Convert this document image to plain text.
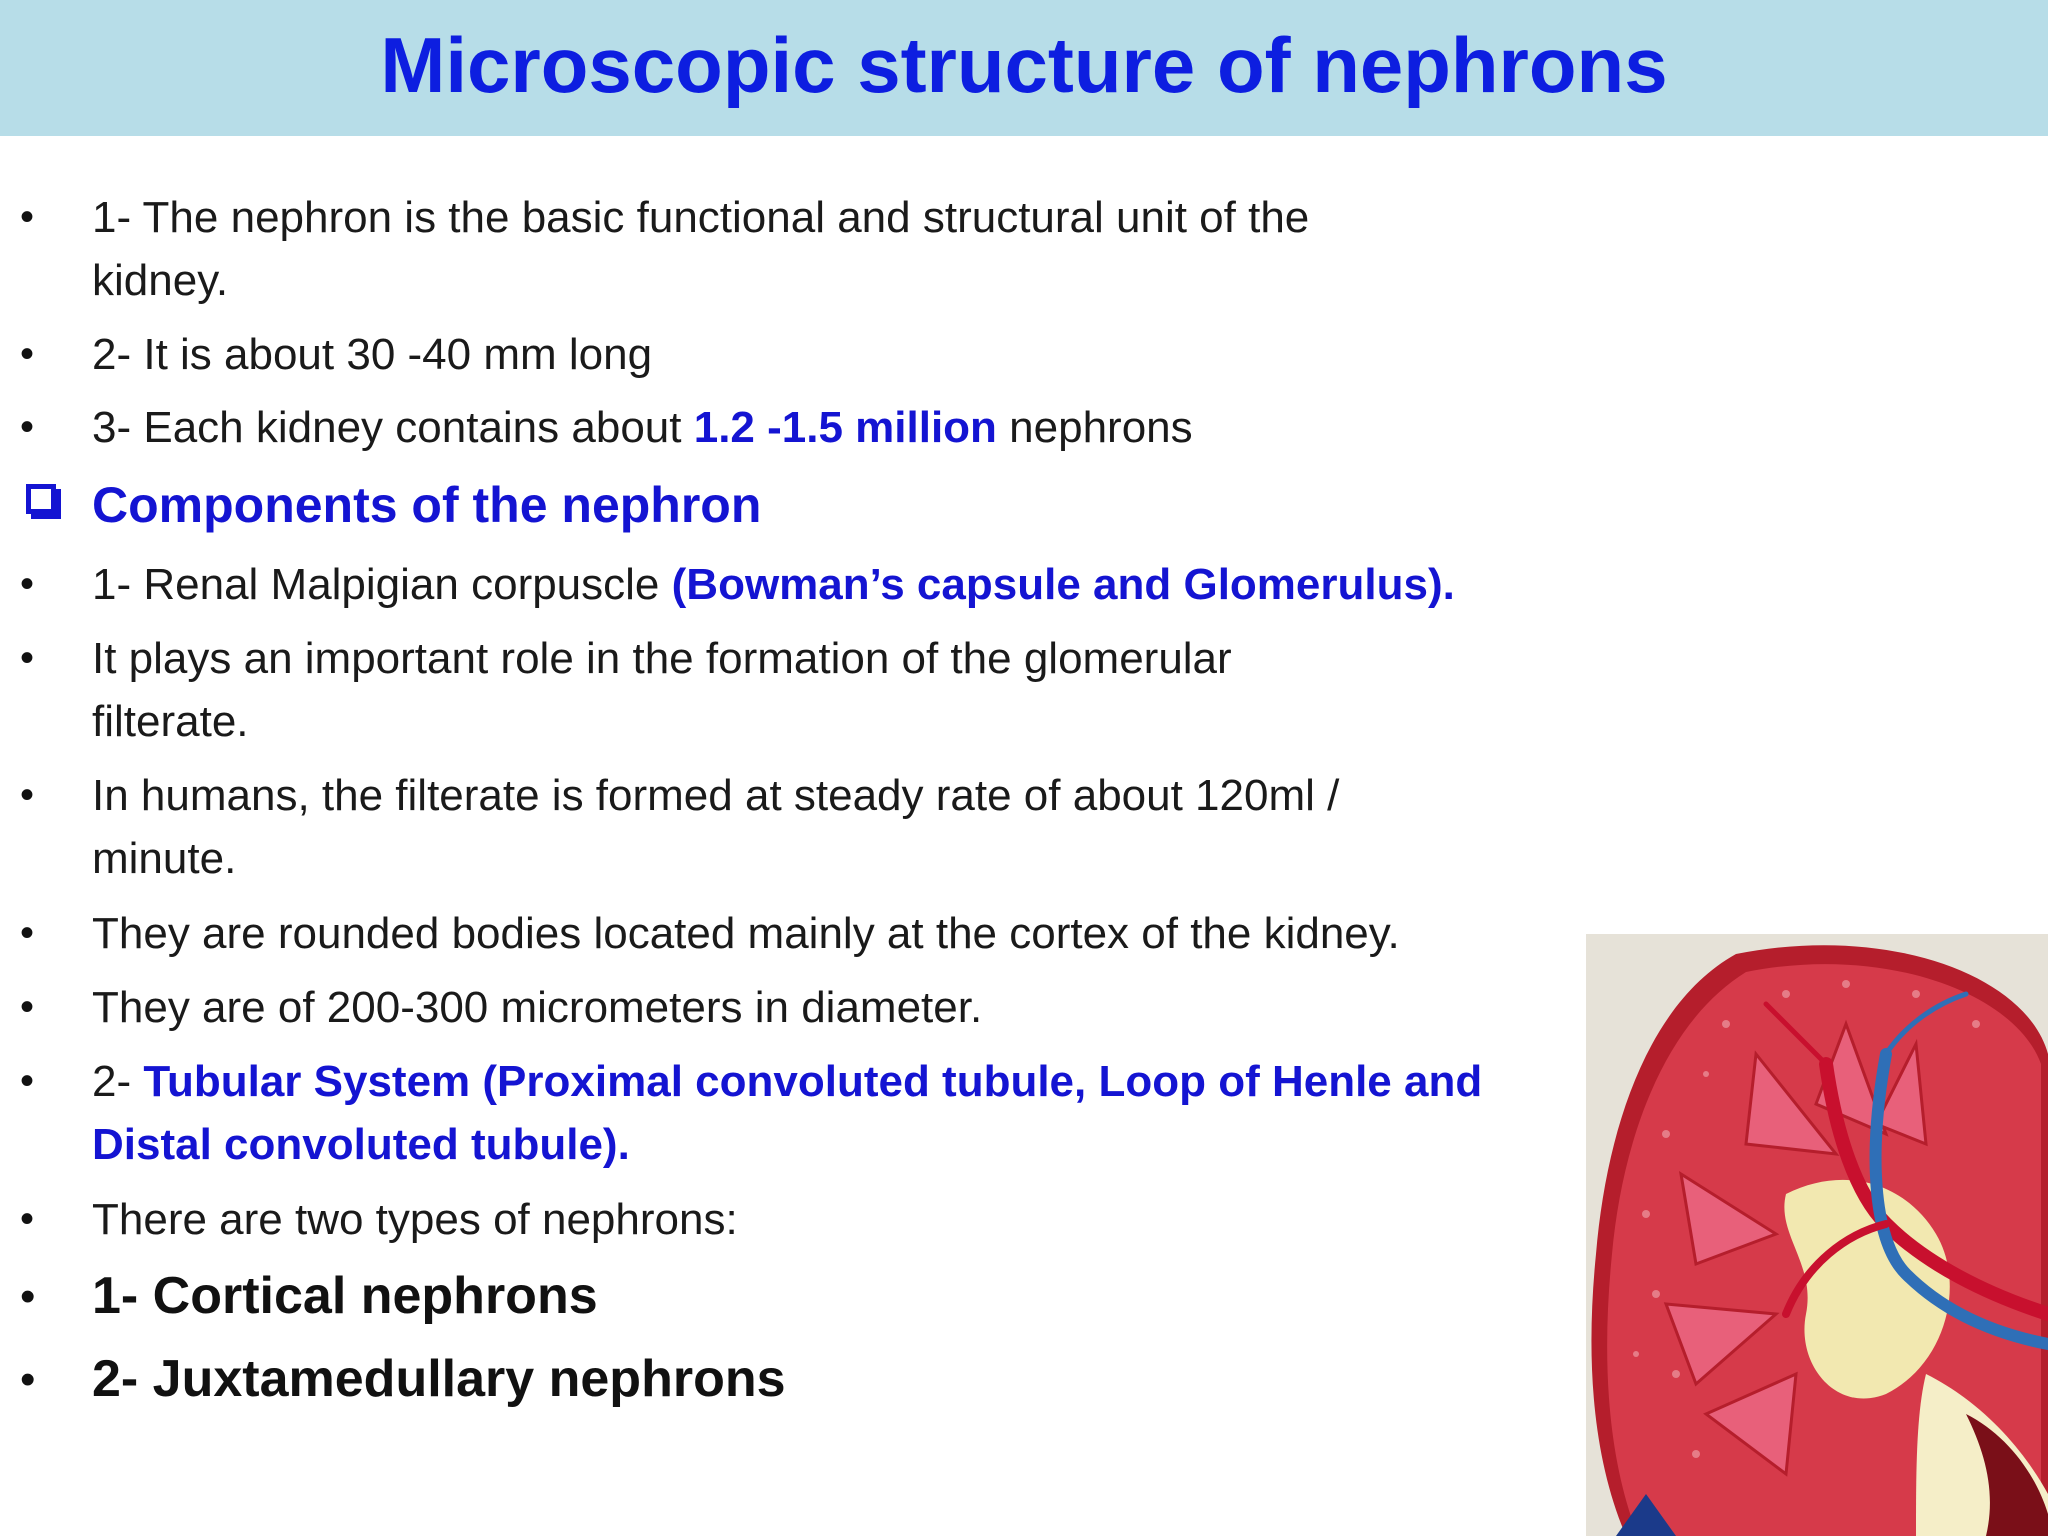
Microscopic structure of nephrons
• 1- The nephron is the basic functional and structural unit of the
kidney.
• 2- It is about 30 -40 mm long
• 3- Each kidney contains about 1.2 -1.5 million nephrons
Components of the nephron
• 1- Renal Malpigian corpuscle (Bowman’s capsule and Glomerulus).
• It plays an important role in the formation of the glomerular
filterate.
• In humans, the filterate is formed at steady rate of about 120ml /
minute.
• They are rounded bodies located mainly at the cortex of the kidney.
• They are of 200-300 micrometers in diameter.
• 2- Tubular System (Proximal convoluted tubule, Loop of Henle and
Distal convoluted tubule).
• There are two types of nephrons:
• 1- Cortical nephrons
• 2- Juxtamedullary nephrons
